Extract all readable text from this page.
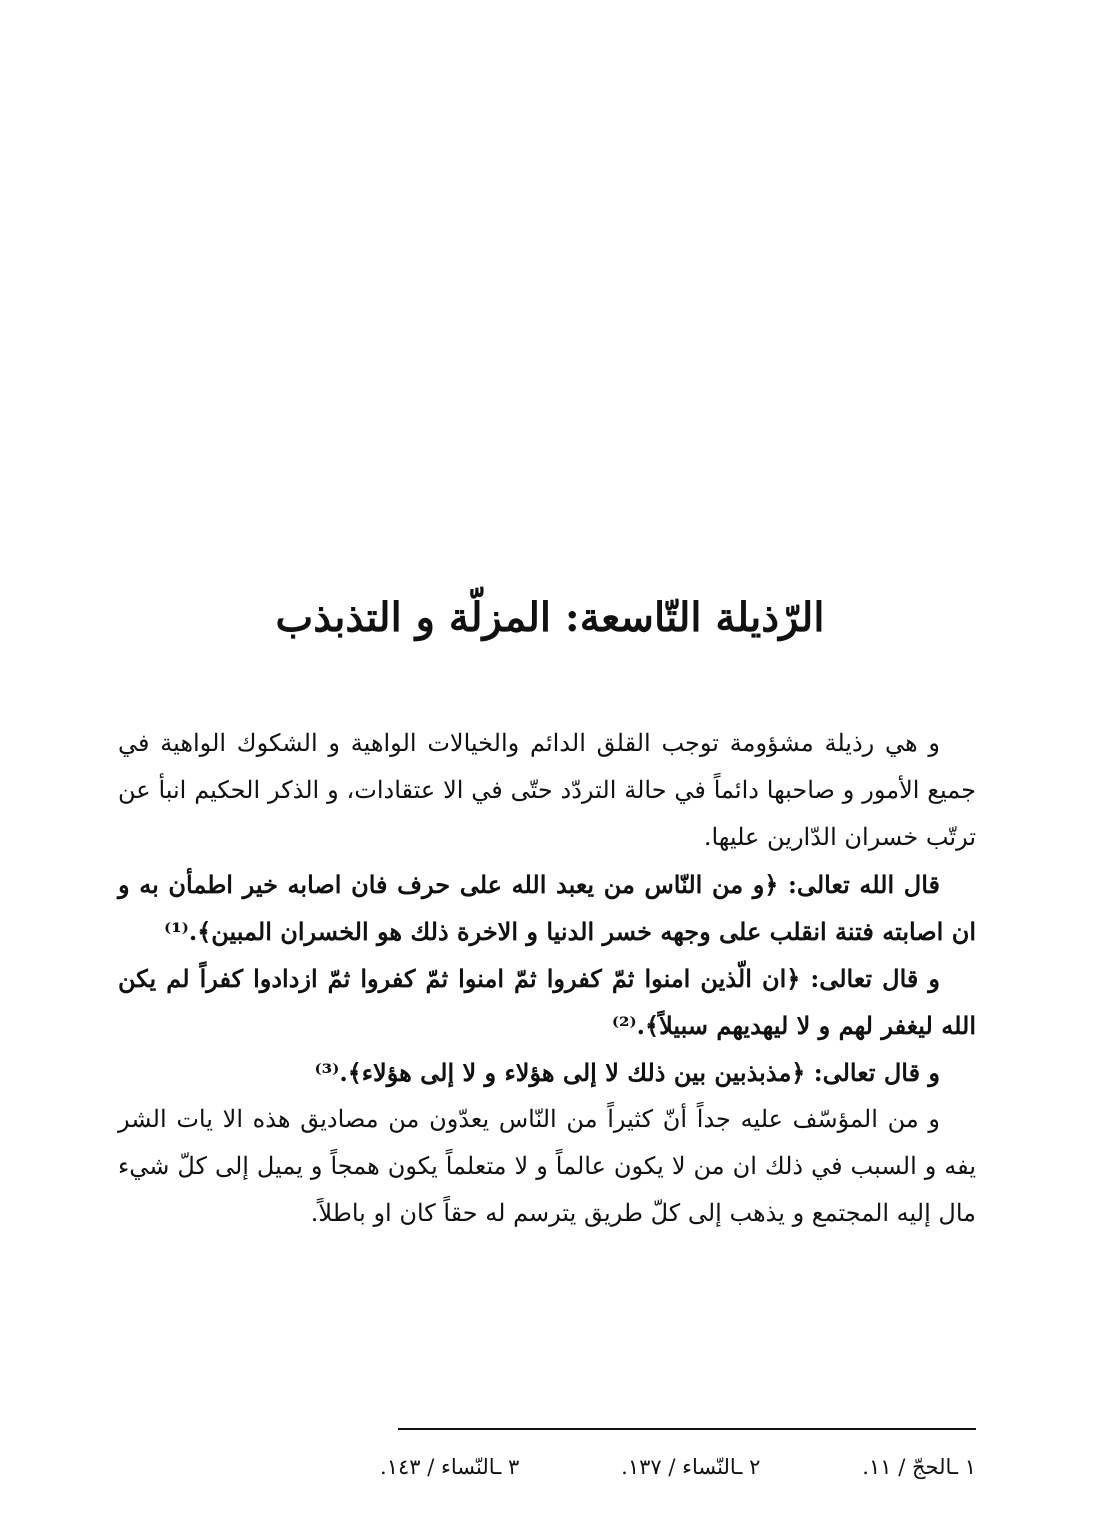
الرّذيلة التّاسعة: المزلّة و التذبذب

و هي رذيلة مشؤومة توجب القلق الدائم والخيالات الواهية و الشكوك الواهية في جميع الأمور و صاحبها دائماً في حالة التردّد حتّى في الا عتقادات، و الذكر الحكيم انبأ عن ترتّب خسران الدّارين عليها.

قال الله تعالى: ﴿و من النّاس من يعبد الله على حرف فان اصابه خير اطمأن به و ان اصابته فتنة انقلب على وجهه خسر الدنيا و الاخرة ذلك هو الخسران المبين﴾.⁽¹⁾

و قال تعالى: ﴿ان الّذين امنوا ثمّ كفروا ثمّ امنوا ثمّ كفروا ثمّ ازدادوا كفراً لم يكن الله ليغفر لهم و لا ليهديهم سبيلاً﴾.⁽²⁾

و قال تعالى: ﴿مذبذبين بين ذلك لا إلى هؤلاء و لا إلى هؤلاء﴾.⁽³⁾

و من المؤسّف عليه جداً أنّ كثيراً من النّاس يعدّون من مصاديق هذه الا يات الشر يفه و السبب في ذلك ان من لا يكون عالماً و لا متعلماً يكون همجاً و يميل إلى كلّ شيء مال إليه المجتمع و يذهب إلى كلّ طريق يترسم له حقاً كان او باطلاً.

١ ـالحجّ / ١١.
٢ ـالنّساء / ١٣٧.
٣ ـالنّساء / ١٤٣.
